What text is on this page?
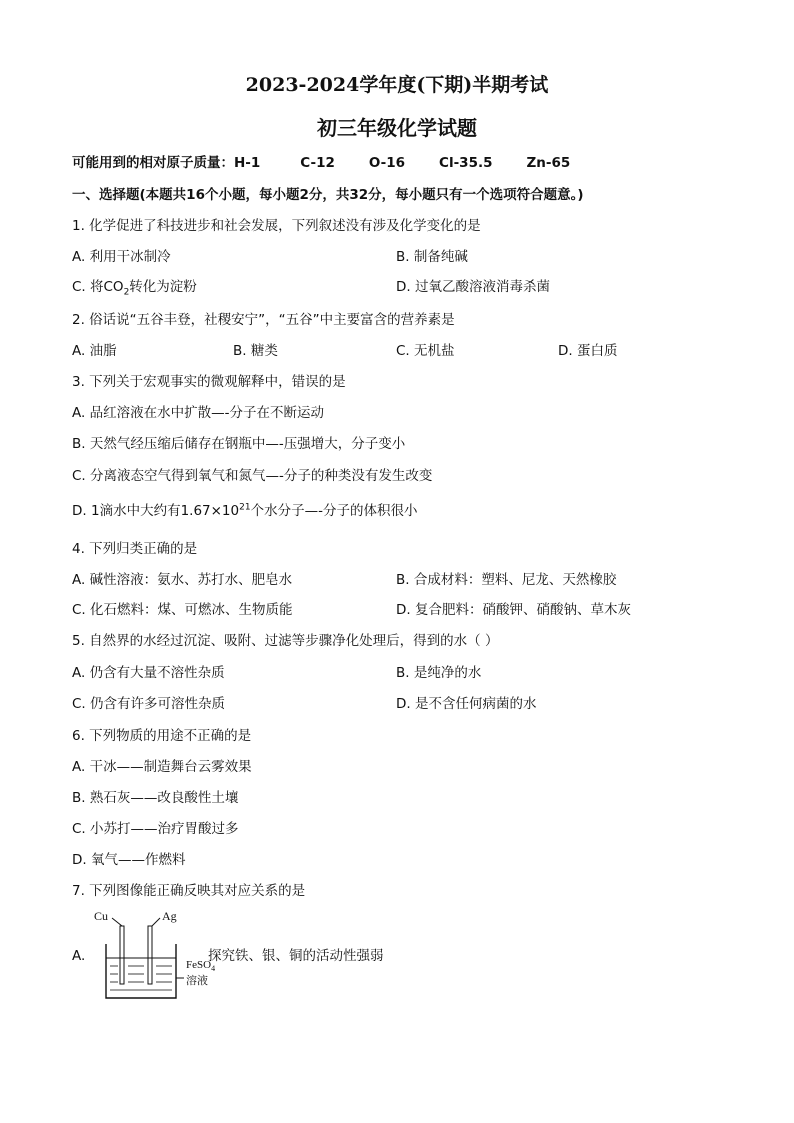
2023-2024学年度(下期)半期考试
初三年级化学试题
可能用到的相对原子质量：H-1	C-12	O-16	Cl-35.5	Zn-65
一、选择题(本题共16个小题，每小题2分，共32分，每小题只有一个选项符合题意。)
1. 化学促进了科技进步和社会发展，下列叙述没有涉及化学变化的是
A. 利用干冰制冷	B. 制备纯碱
C. 将$CO_2$转化为淀粉	D. 过氧乙酸溶液消毒杀菌
2. 俗话说“五谷丰登，社稷安宁”，“五谷”中主要富含的营养素是
A. 油脂	B. 糖类	C. 无机盐	D. 蛋白质
3. 下列关于宏观事实的微观解释中，错误的是
A. 品红溶液在水中扩散—-分子在不断运动
B. 天然气经压缩后储存在钢瓶中—-压强增大，分子变小
C. 分离液态空气得到氧气和氮气—-分子的种类没有发生改变
D. 1滴水中大约有$1.67\times 10^{21}$个水分子—-分子的体积很小
4. 下列归类正确的是
A. 碱性溶液：氨水、苏打水、肥皂水	B. 合成材料：塑料、尼龙、天然橡胶
C. 化石燃料：煤、可燃冰、生物质能	D. 复合肥料：硝酸钾、硝酸钠、草木灰
5. 自然界的水经过沉淀、吸附、过滤等步骤净化处理后，得到的水（ ）
A. 仍含有大量不溶性杂质	B. 是纯净的水
C. 仍含有许多可溶性杂质	D. 是不含任何病菌的水
6. 下列物质的用途不正确的是
A. 干冰——制造舞台云雾效果
B. 熟石灰——改良酸性土壤
C. 小苏打——治疗胃酸过多
D. 氧气——作燃料
7. 下列图像能正确反映其对应关系的是
A.
Cu	Ag
FeSO$_4$
溶液
探究铁、银、铜的活动性强弱
